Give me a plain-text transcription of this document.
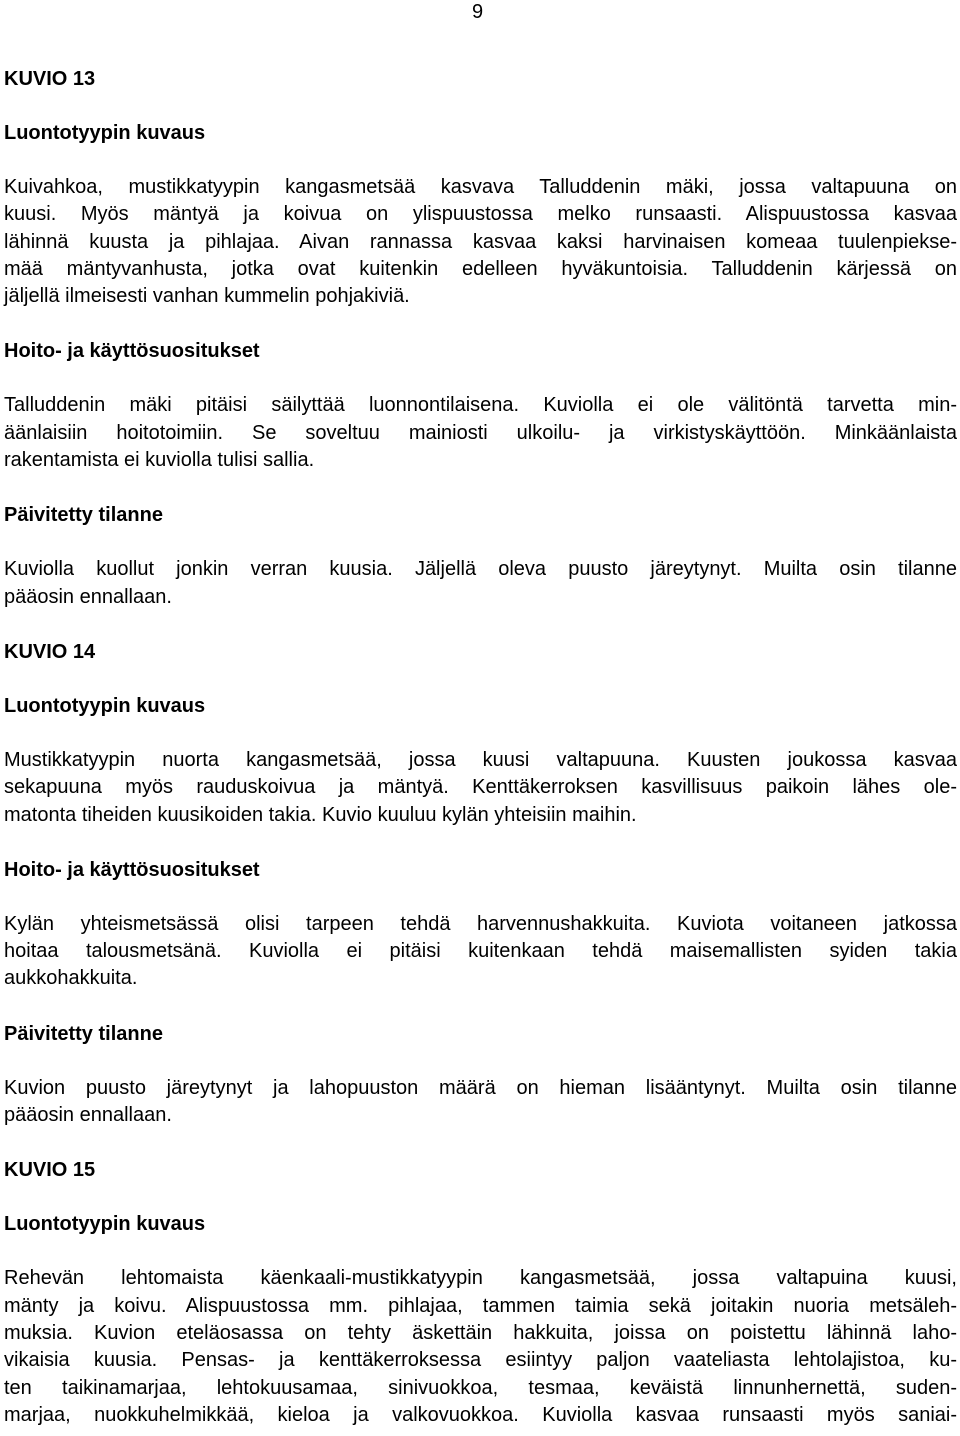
9
KUVIO 13
Luontotyypin kuvaus

Kuivahkoa, mustikkatyypin kangasmetsää kasvava Talluddenin mäki, jossa valtapuuna on
kuusi. Myös mäntyä ja koivua on ylispuustossa melko runsaasti. Alispuustossa kasvaa
lähinnä kuusta ja pihlajaa. Aivan rannassa kasvaa kaksi harvinaisen komeaa tuulenpiekse-
mää mäntyvanhusta, jotka ovat kuitenkin edelleen hyväkuntoisia. Talluddenin kärjessä on
jäljellä ilmeisesti vanhan kummelin pohjakiviä.

Hoito- ja käyttösuositukset

Talluddenin mäki pitäisi säilyttää luonnontilaisena. Kuviolla ei ole välitöntä tarvetta min-
äänlaisiin hoitotoimiin. Se soveltuu mainiosti ulkoilu- ja virkistyskäyttöön. Minkäänlaista
rakentamista ei kuviolla tulisi sallia.

Päivitetty tilanne

Kuviolla kuollut jonkin verran kuusia. Jäljellä oleva puusto järeytynyt. Muilta osin tilanne
pääosin ennallaan.

KUVIO 14
Luontotyypin kuvaus

Mustikkatyypin nuorta kangasmetsää, jossa kuusi valtapuuna. Kuusten joukossa kasvaa
sekapuuna myös rauduskoivua ja mäntyä. Kenttäkerroksen kasvillisuus paikoin lähes ole-
matonta tiheiden kuusikoiden takia. Kuvio kuuluu kylän yhteisiin maihin.

Hoito- ja käyttösuositukset

Kylän yhteismetsässä olisi tarpeen tehdä harvennushakkuita. Kuviota voitaneen jatkossa
hoitaa talousmetsänä. Kuviolla ei pitäisi kuitenkaan tehdä maisemallisten syiden takia
aukkohakkuita.

Päivitetty tilanne

Kuvion puusto järeytynyt ja lahopuuston määrä on hieman lisääntynyt. Muilta osin tilanne
pääosin ennallaan.

KUVIO 15
Luontotyypin kuvaus

Rehevän lehtomaista käenkaali-mustikkatyypin kangasmetsää, jossa valtapuina kuusi,
mänty ja koivu. Alispuustossa mm. pihlajaa, tammen taimia sekä joitakin nuoria metsäleh-
muksia. Kuvion eteläosassa on tehty äskettäin hakkuita, joissa on poistettu lähinnä laho-
vikaisia kuusia. Pensas- ja kenttäkerroksessa esiintyy paljon vaateliasta lehtolajistoa, ku-
ten taikinamarjaa, lehtokuusamaa, sinivuokkoa, tesmaa, keväistä linnunhernettä, suden-
marjaa, nuokkuhelmikkää, kieloa ja valkovuokkoa. Kuviolla kasvaa runsaasti myös saniai-
